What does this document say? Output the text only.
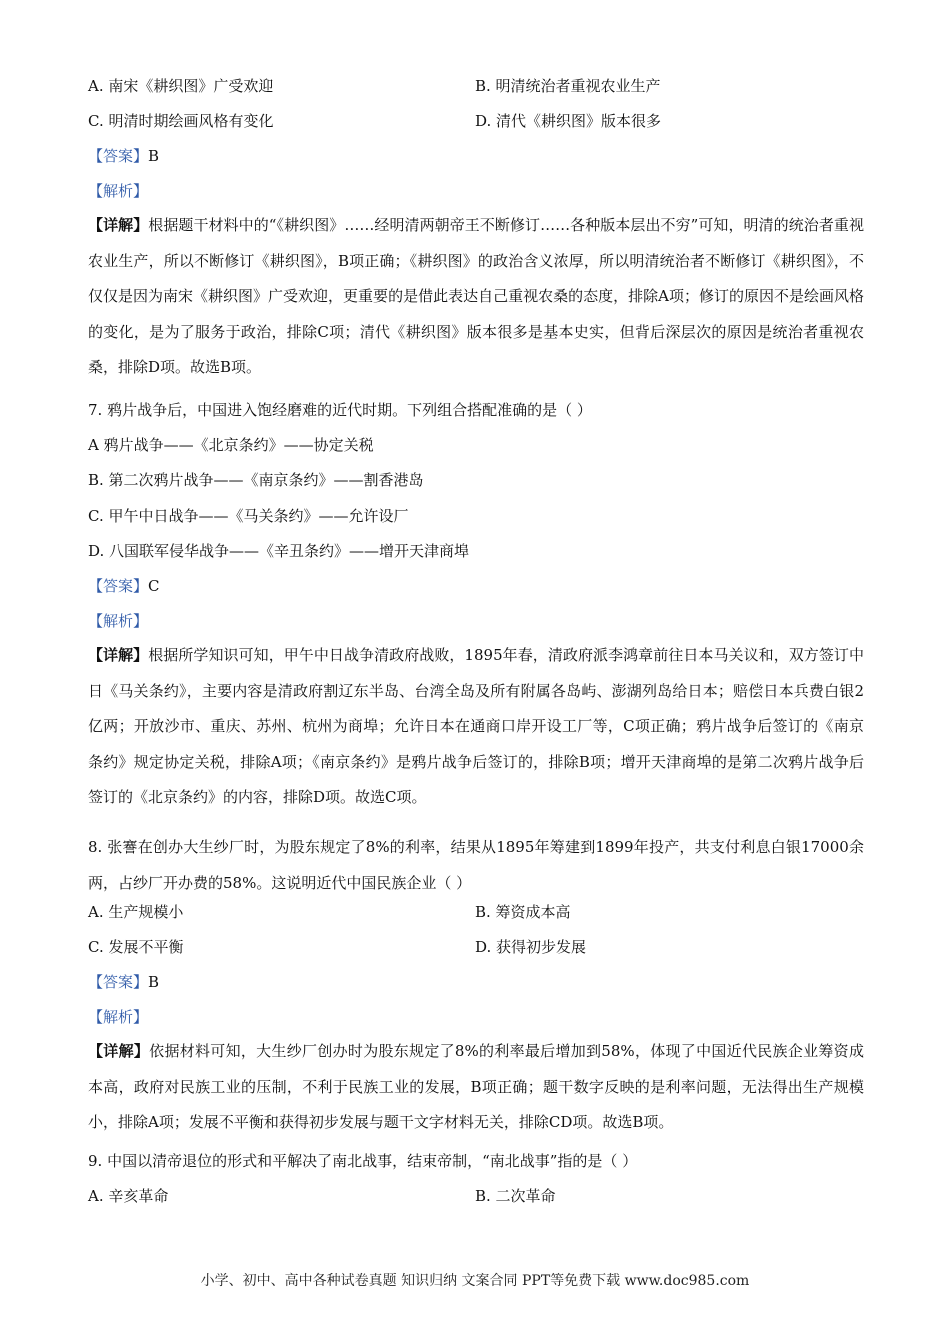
A. 南宋《耕织图》广受欢迎	B. 明清统治者重视农业生产
C. 明清时期绘画风格有变化	D. 清代《耕织图》版本很多
【答案】B
【解析】
【详解】根据题干材料中的“《耕织图》……经明清两朝帝王不断修订……各种版本层出不穷”可知，明清的统治者重视农业生产，所以不断修订《耕织图》，B项正确；《耕织图》的政治含义浓厚，所以明清统治者不断修订《耕织图》，不仅仅是因为南宋《耕织图》广受欢迎，更重要的是借此表达自己重视农桑的态度，排除A项；修订的原因不是绘画风格的变化，是为了服务于政治，排除C项；清代《耕织图》版本很多是基本史实，但背后深层次的原因是统治者重视农桑，排除D项。故选B项。
7. 鸦片战争后，中国进入饱经磨难的近代时期。下列组合搭配准确的是（ ）
A 鸦片战争——《北京条约》——协定关税
B. 第二次鸦片战争——《南京条约》——割香港岛
C. 甲午中日战争——《马关条约》——允许设厂
D. 八国联军侵华战争——《辛丑条约》——增开天津商埠
【答案】C
【解析】
【详解】根据所学知识可知，甲午中日战争清政府战败，1895年春，清政府派李鸿章前往日本马关议和，双方签订中日《马关条约》，主要内容是清政府割辽东半岛、台湾全岛及所有附属各岛屿、澎湖列岛给日本；赔偿日本兵费白银2亿两；开放沙市、重庆、苏州、杭州为商埠；允许日本在通商口岸开设工厂等，C项正确；鸦片战争后签订的《南京条约》规定协定关税，排除A项；《南京条约》是鸦片战争后签订的，排除B项；增开天津商埠的是第二次鸦片战争后签订的《北京条约》的内容，排除D项。故选C项。
8. 张謇在创办大生纱厂时，为股东规定了8%的利率，结果从1895年筹建到1899年投产，共支付利息白银17000余两，占纱厂开办费的58%。这说明近代中国民族企业（ ）
A. 生产规模小	B. 筹资成本高
C. 发展不平衡	D. 获得初步发展
【答案】B
【解析】
【详解】依据材料可知，大生纱厂创办时为股东规定了8%的利率最后增加到58%，体现了中国近代民族企业筹资成本高，政府对民族工业的压制，不利于民族工业的发展，B项正确；题干数字反映的是利率问题，无法得出生产规模小，排除A项；发展不平衡和获得初步发展与题干文字材料无关，排除CD项。故选B项。
9. 中国以清帝退位的形式和平解决了南北战事，结束帝制，“南北战事”指的是（ ）
A. 辛亥革命	B. 二次革命
小学、初中、高中各种试卷真题 知识归纳 文案合同 PPT等免费下载 www.doc985.com
